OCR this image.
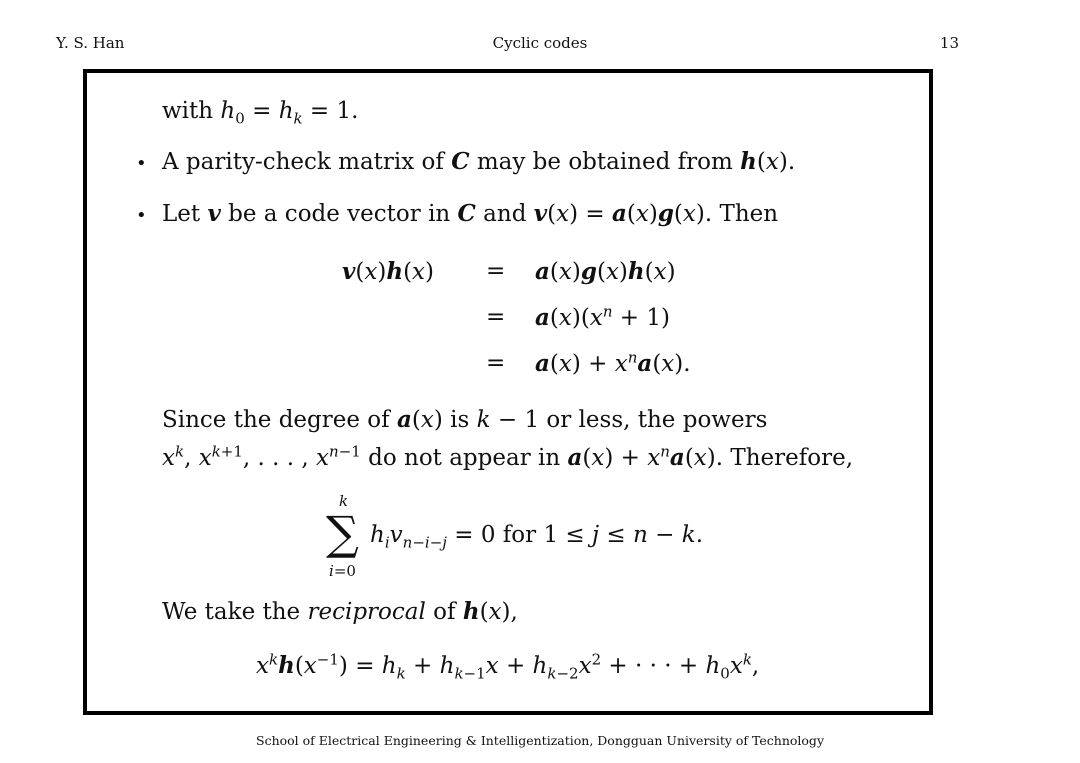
Y. S. Han	Cyclic codes	13
with $h_0 = h_k = 1$.
• A parity-check matrix of C may be obtained from h(x).
• Let v be a code vector in C and v(x) = a(x)g(x). Then
v(x)h(x) = a(x)g(x)h(x)
= $a(x)(x^n + 1)$
= $a(x) + x^na(x)$.
Since the degree of a(x) is k − 1 or less, the powers
$x^k$, $x^{k+1}$, . . . , $x^{n-1}$ do not appear in $a(x) + x^na(x)$. Therefore,
k
∑
i=0
$h_iv_{n-i-j} = 0$ for 1 ≤ j ≤ n − k.
We take the reciprocal of h(x),
$x^kh(x^{-1}) = h_k + h_{k-1}x + h_{k-2}x^2$ + · · · + $h_0x^k$,
School of Electrical Engineering & Intelligentization, Dongguan University of Technology
